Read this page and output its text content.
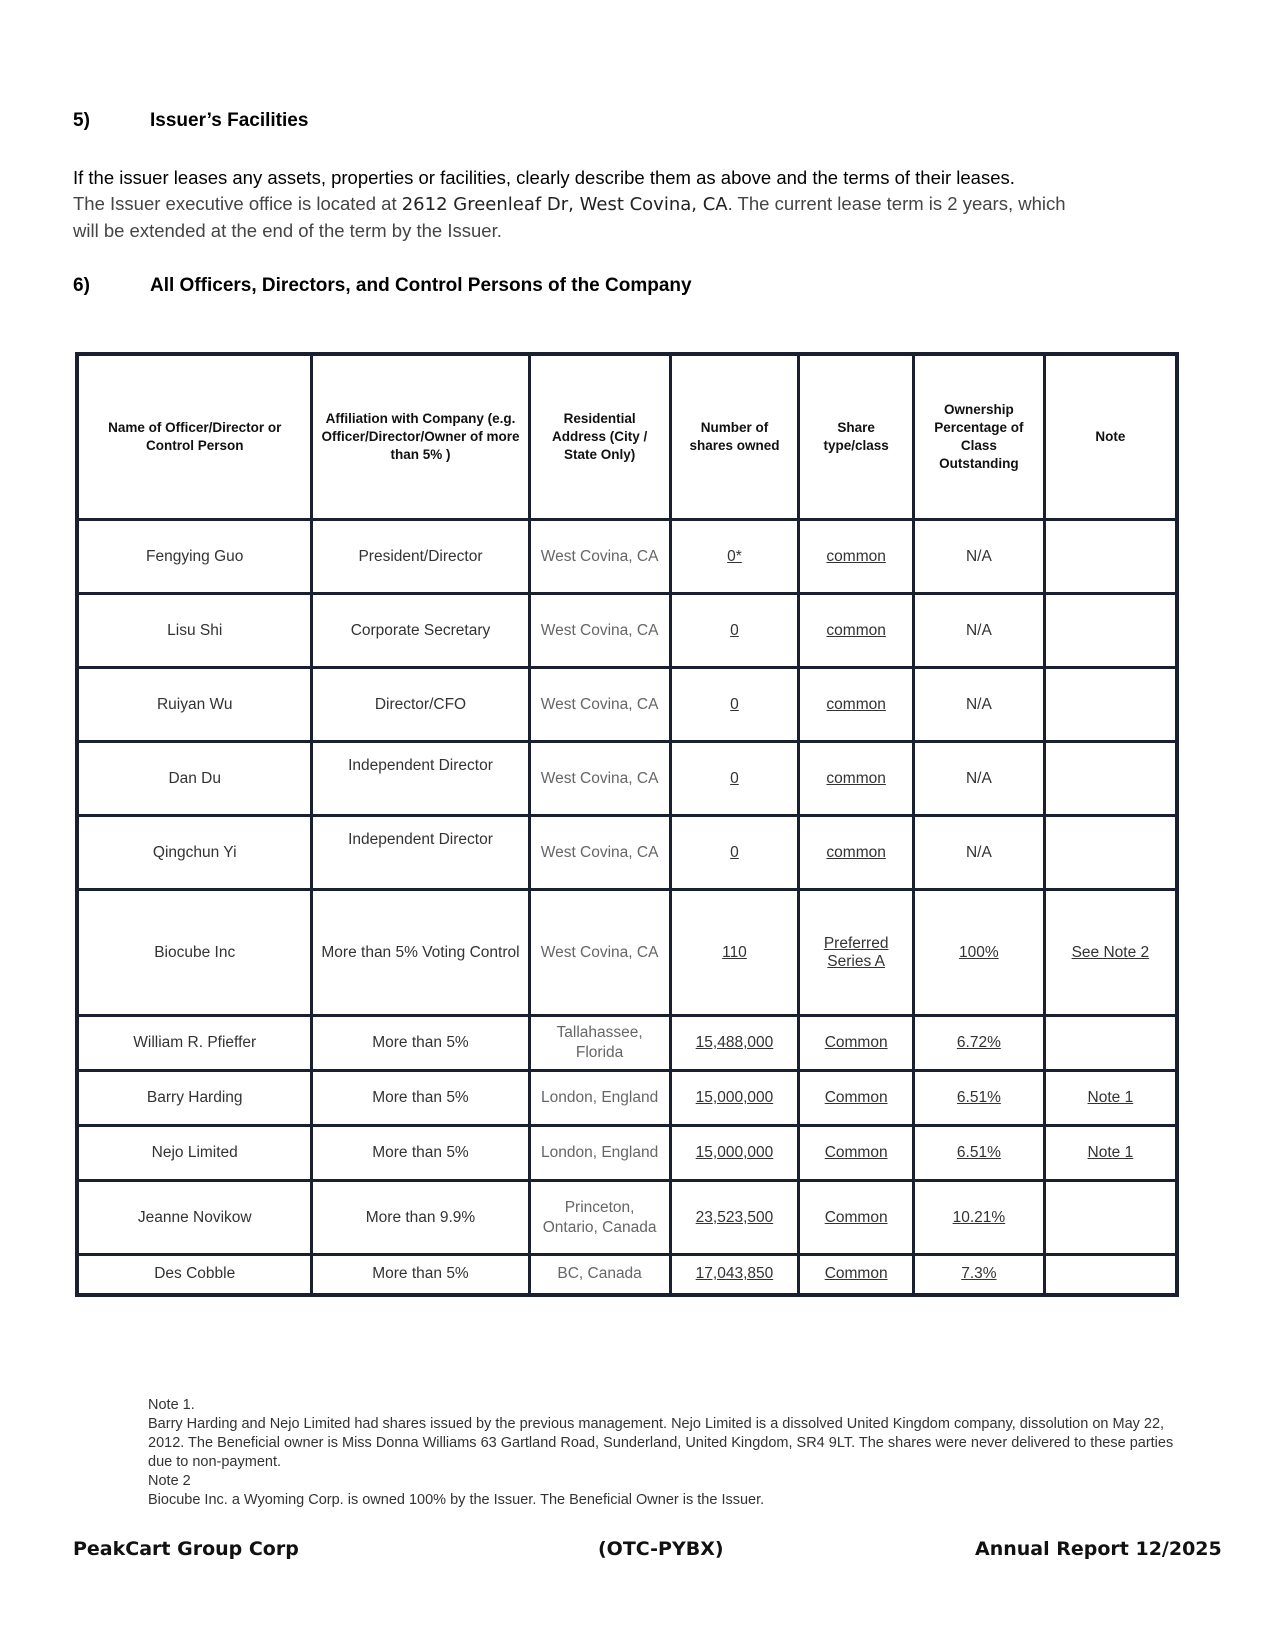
5)	Issuer’s Facilities
If the issuer leases any assets, properties or facilities, clearly describe them as above and the terms of their leases.
The Issuer executive office is located at 2612 Greenleaf Dr, West Covina, CA. The current lease term is 2 years, which
will be extended at the end of the term by the Issuer.
6)	All Officers, Directors, and Control Persons of the Company
Name of Officer/Director or Control Person	Affiliation with Company (e.g. Officer/Director/Owner of more than 5% )	Residential Address (City / State Only)	Number of shares owned	Share type/class	Ownership Percentage of Class Outstanding	Note
Fengying Guo	President/Director	West Covina, CA	0*	common	N/A	
Lisu Shi	Corporate Secretary	West Covina, CA	0	common	N/A	
Ruiyan Wu	Director/CFO	West Covina, CA	0	common	N/A	
Dan Du	Independent Director	West Covina, CA	0	common	N/A	
Qingchun Yi	Independent Director	West Covina, CA	0	common	N/A	
Biocube Inc	More than 5% Voting Control	West Covina, CA	110	Preferred Series A	100%	See Note 2
William R. Pfieffer	More than 5%	Tallahassee, Florida	15,488,000	Common	6.72%	
Barry Harding	More than 5%	London, England	15,000,000	Common	6.51%	Note 1
Nejo Limited	More than 5%	London, England	15,000,000	Common	6.51%	Note 1
Jeanne Novikow	More than 9.9%	Princeton, Ontario, Canada	23,523,500	Common	10.21%	
Des Cobble	More than 5%	BC, Canada	17,043,850	Common	7.3%	
Note 1.
Barry Harding and Nejo Limited had shares issued by the previous management. Nejo Limited is a dissolved United Kingdom company, dissolution on May 22, 2012. The Beneficial owner is Miss Donna Williams 63 Gartland Road, Sunderland, United Kingdom, SR4 9LT. The shares were never delivered to these parties due to non-payment.
Note 2
Biocube Inc. a Wyoming Corp. is owned 100% by the Issuer. The Beneficial Owner is the Issuer.
PeakCart Group Corp	(OTC-PYBX)	Annual Report 12/2025
